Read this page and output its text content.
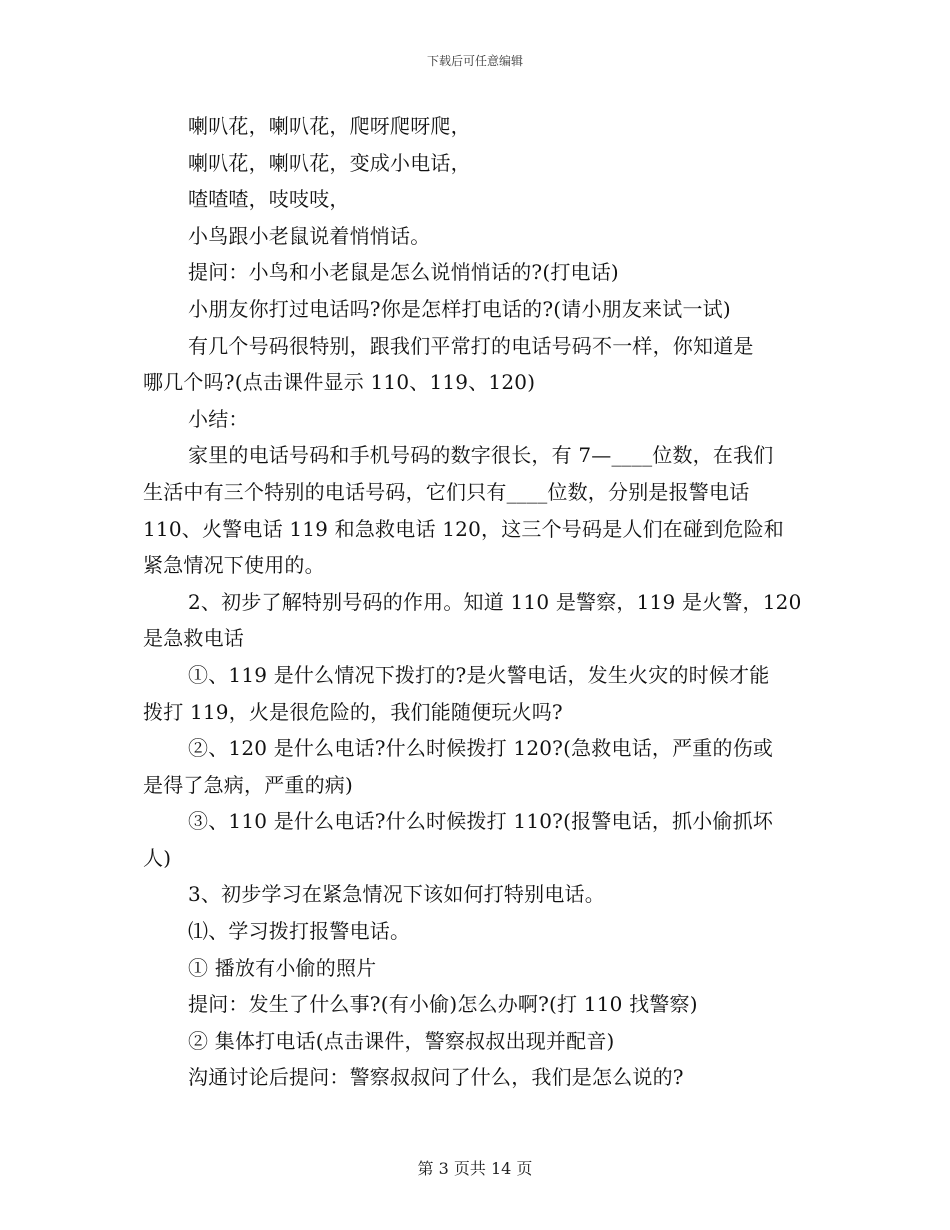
下载后可任意编辑

喇叭花，喇叭花，爬呀爬呀爬，

喇叭花，喇叭花，变成小电话，

喳喳喳，吱吱吱，

小鸟跟小老鼠说着悄悄话。

提问：小鸟和小老鼠是怎么说悄悄话的?(打电话)

小朋友你打过电话吗?你是怎样打电话的?(请小朋友来试一试)

有几个号码很特别，跟我们平常打的电话号码不一样，你知道是

哪几个吗?(点击课件显示 110、119、120)

小结：

家里的电话号码和手机号码的数字很长，有 7—____位数，在我们

生活中有三个特别的电话号码，它们只有____位数，分别是报警电话

110、火警电话 119 和急救电话 120，这三个号码是人们在碰到危险和

紧急情况下使用的。

2、初步了解特别号码的作用。知道 110 是警察，119 是火警，120

是急救电话

①、119 是什么情况下拨打的?是火警电话，发生火灾的时候才能

拨打 119，火是很危险的，我们能随便玩火吗?

②、120 是什么电话?什么时候拨打 120?(急救电话，严重的伤或

是得了急病，严重的病)

③、110 是什么电话?什么时候拨打 110?(报警电话，抓小偷抓坏

人)

3、初步学习在紧急情况下该如何打特别电话。

⑴、学习拨打报警电话。

① 播放有小偷的照片

提问：发生了什么事?(有小偷)怎么办啊?(打 110 找警察)

② 集体打电话(点击课件，警察叔叔出现并配音)

沟通讨论后提问：警察叔叔问了什么，我们是怎么说的?

第 3 页共 14 页
